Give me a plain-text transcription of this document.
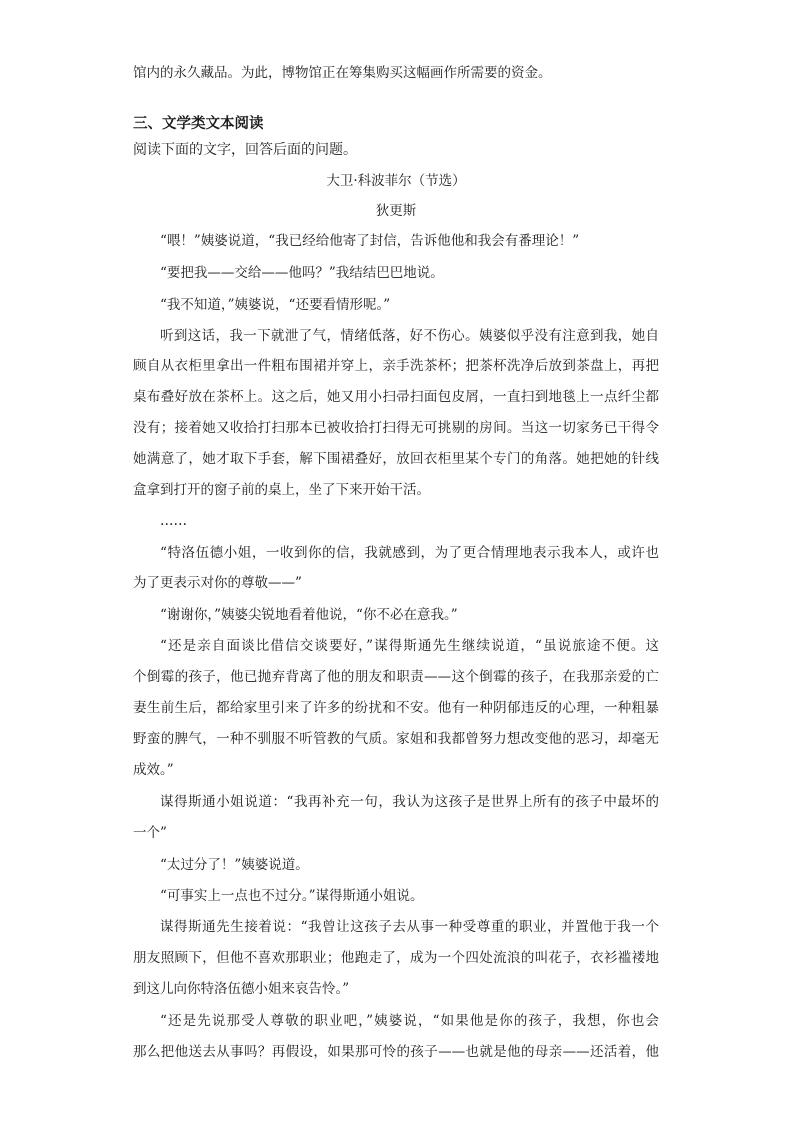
馆内的永久藏品。为此，博物馆正在筹集购买这幅画作所需要的资金。

三、文学类文本阅读

阅读下面的文字，回答后面的问题。

大卫·科波菲尔（节选）

狄更斯

“喂！”姨婆说道，“我已经给他寄了封信，告诉他他和我会有番理论！”

“要把我——交给——他吗？”我结结巴巴地说。

“我不知道，”姨婆说，“还要看情形呢。”

听到这话，我一下就泄了气，情绪低落，好不伤心。姨婆似乎没有注意到我，她自

顾自从衣柜里拿出一件粗布围裙并穿上，亲手洗茶杯；把茶杯洗净后放到茶盘上，再把

桌布叠好放在茶杯上。这之后，她又用小扫帚扫面包皮屑，一直扫到地毯上一点纤尘都

没有；接着她又收拾打扫那本已被收拾打扫得无可挑剔的房间。当这一切家务已干得令

她满意了，她才取下手套，解下围裙叠好，放回衣柜里某个专门的角落。她把她的针线

盒拿到打开的窗子前的桌上，坐了下来开始干活。

……

“特洛伍德小姐，一收到你的信，我就感到，为了更合情理地表示我本人，或许也

为了更表示对你的尊敬——”

“谢谢你，”姨婆尖锐地看着他说，“你不必在意我。”

“还是亲自面谈比借信交谈要好，”谋得斯通先生继续说道，“虽说旅途不便。这

个倒霉的孩子，他已抛弃背离了他的朋友和职责——这个倒霉的孩子，在我那亲爱的亡

妻生前生后，都给家里引来了许多的纷扰和不安。他有一种阴郁违反的心理，一种粗暴

野蛮的脾气，一种不驯服不听管教的气质。家姐和我都曾努力想改变他的恶习，却毫无

成效。”

谋得斯通小姐说道：“我再补充一句，我认为这孩子是世界上所有的孩子中最坏的

一个”

“太过分了！”姨婆说道。

“可事实上一点也不过分。”谋得斯通小姐说。

谋得斯通先生接着说：“我曾让这孩子去从事一种受尊重的职业，并置他于我一个

朋友照顾下，但他不喜欢那职业；他跑走了，成为一个四处流浪的叫花子，衣衫褴褛地

到这儿向你特洛伍德小姐来哀告怜。”

“还是先说那受人尊敬的职业吧，”姨婆说，“如果他是你的孩子，我想，你也会

那么把他送去从事吗？再假设，如果那可怜的孩子——也就是他的母亲——还活着，他
